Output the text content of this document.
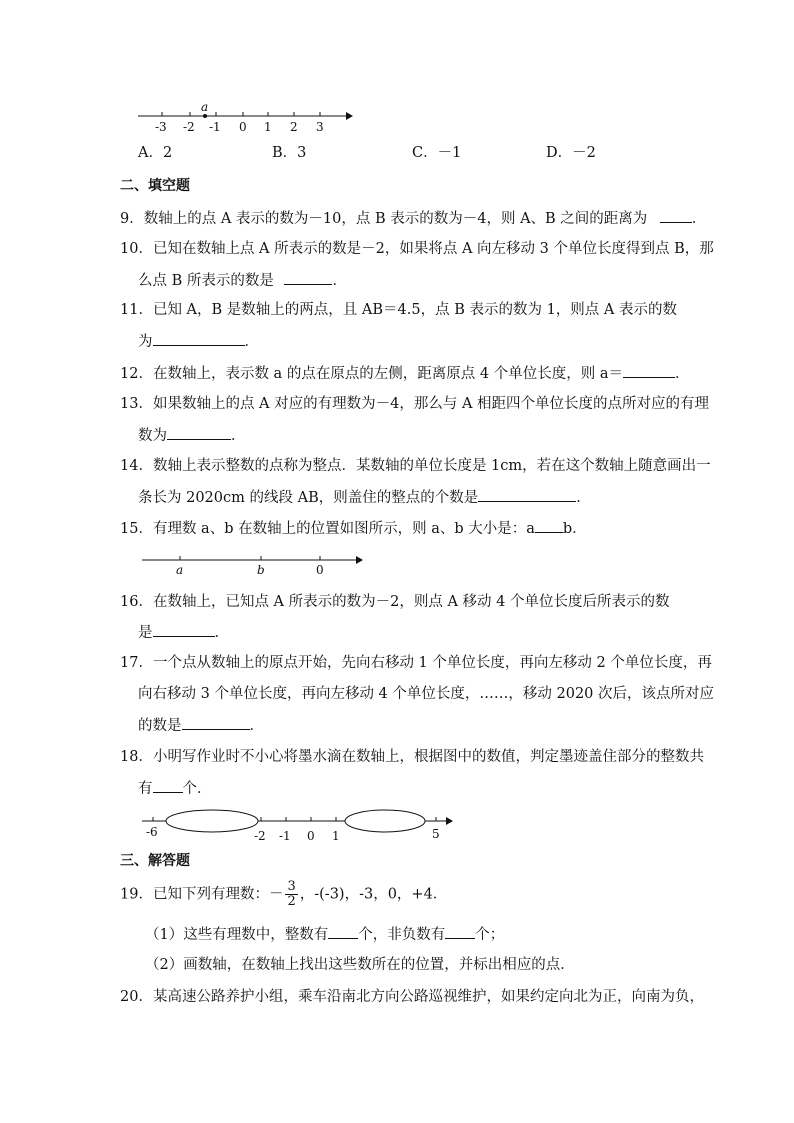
a
-3 -2 -1 0 1 2 3
a	b	0
-6	-2 -1 0 1	5
A．2	B．3	C．－1	D．－2
二、填空题
9．数轴上的点 A 表示的数为－10，点 B 表示的数为－4，则 A、B 之间的距离为	．
10．已知在数轴上点 A 所表示的数是－2，如果将点 A 向左移动 3 个单位长度得到点 B，那
么点 B 所表示的数是	．
11．已知 A，B 是数轴上的两点，且 AB＝4.5，点 B 表示的数为 1，则点 A 表示的数
为	．
12．在数轴上，表示数 a 的点在原点的左侧，距离原点 4 个单位长度，则 a＝	．
13．如果数轴上的点 A 对应的有理数为－4，那么与 A 相距四个单位长度的点所对应的有理
数为	．
14．数轴上表示整数的点称为整点．某数轴的单位长度是 1cm，若在这个数轴上随意画出一
条长为 2020cm 的线段 AB，则盖住的整点的个数是	．
15．有理数 a、b 在数轴上的位置如图所示，则 a、b 大小是：a b．
16．在数轴上，已知点 A 所表示的数为－2，则点 A 移动 4 个单位长度后所表示的数
是	．
17．一个点从数轴上的原点开始，先向右移动 1 个单位长度，再向左移动 2 个单位长度，再
向右移动 3 个单位长度，再向左移动 4 个单位长度，……，移动 2020 次后，该点所对应
的数是	．
18．小明写作业时不小心将墨水滴在数轴上，根据图中的数值，判定墨迹盖住部分的整数共
有 个．
三、解答题
19．已知下列有理数：－ $\frac{3}{2}$ ，-(-3)，-3，0，+4．
（1）这些有理数中，整数有 个，非负数有 个；
（2）画数轴，在数轴上找出这些数所在的位置，并标出相应的点．
20．某高速公路养护小组，乘车沿南北方向公路巡视维护，如果约定向北为正，向南为负，
